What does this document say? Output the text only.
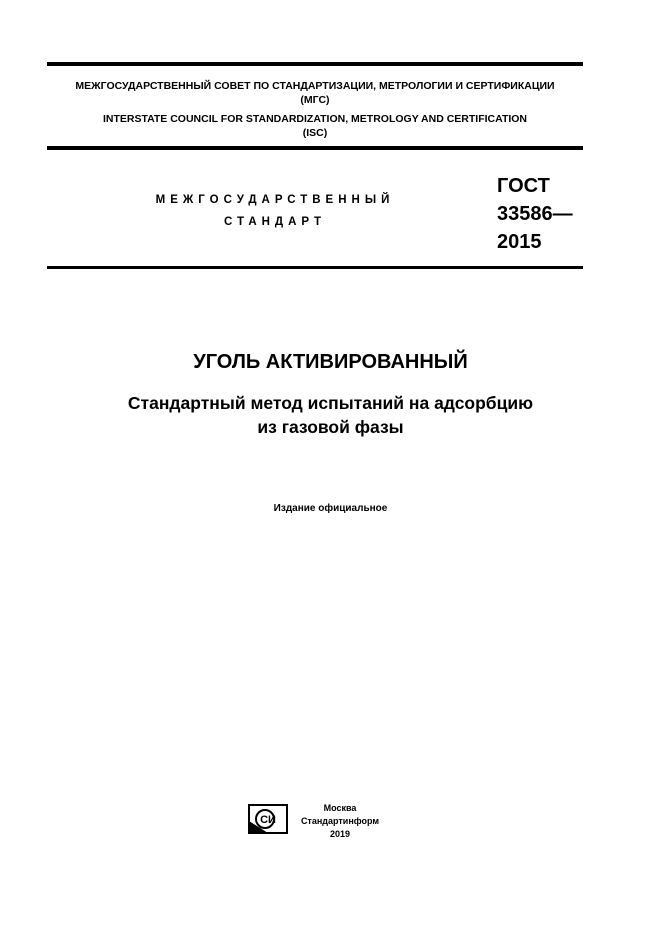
МЕЖГОСУДАРСТВЕННЫЙ СОВЕТ ПО СТАНДАРТИЗАЦИИ, МЕТРОЛОГИИ И СЕРТИФИКАЦИИ
(МГС)
INTERSTATE COUNCIL FOR STANDARDIZATION, METROLOGY AND CERTIFICATION
(ISC)
МЕЖГОСУДАРСТВЕННЫЙ
СТАНДАРТ
ГОСТ
33586—
2015
УГОЛЬ АКТИВИРОВАННЫЙ
Стандартный метод испытаний на адсорбцию
из газовой фазы
Издание официальное
СИ
Москва
Стандартинформ
2019
